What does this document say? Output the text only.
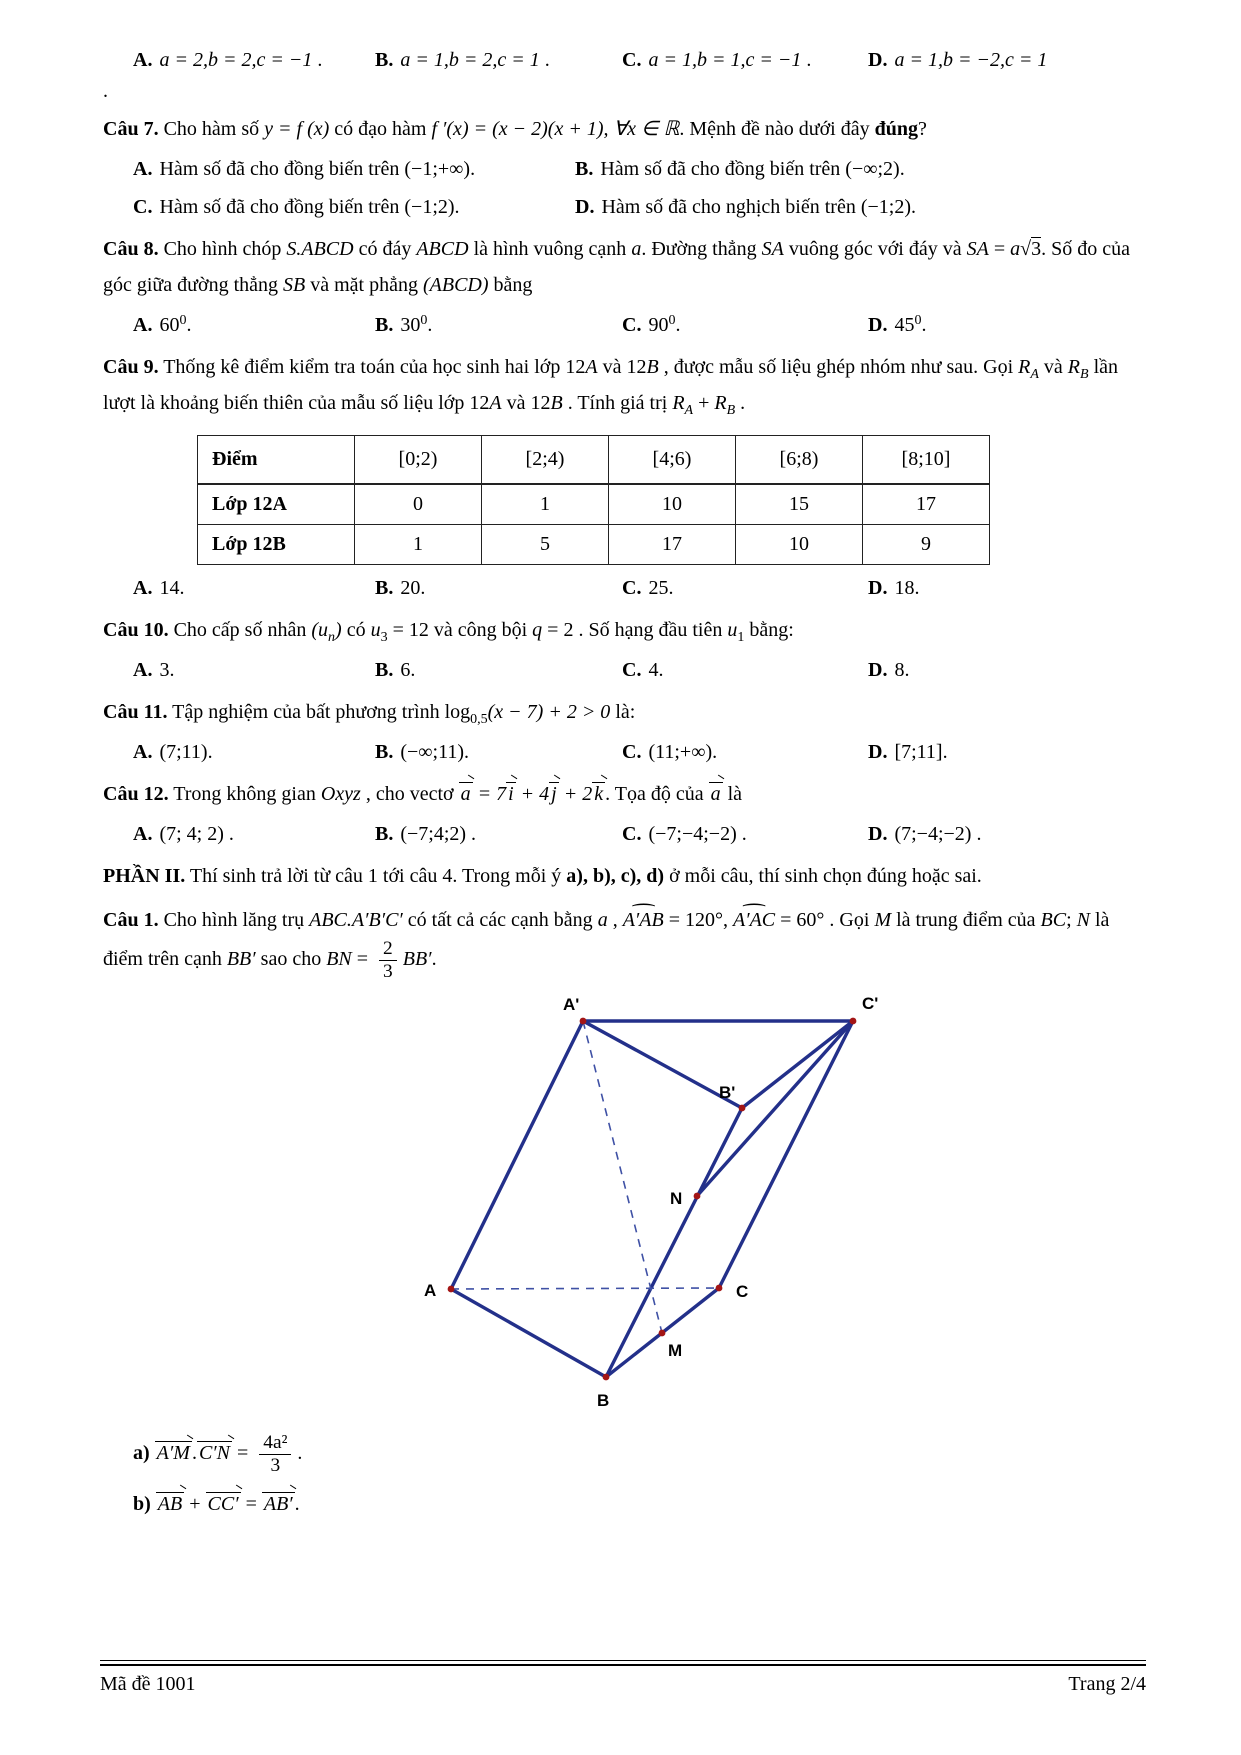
A. a = 2,b = 2,c = −1 .	B. a = 1,b = 2,c = 1 .	C. a = 1,b = 1,c = −1 .	D. a = 1,b = −2,c = 1

.

Câu 7. Cho hàm số y = f (x) có đạo hàm f ′(x) = (x − 2)(x + 1), ∀x ∈ ℝ. Mệnh đề nào dưới đây đúng?

A. Hàm số đã cho đồng biến trên (−1;+∞).	B. Hàm số đã cho đồng biến trên (−∞;2).
C. Hàm số đã cho đồng biến trên (−1;2).	D. Hàm số đã cho nghịch biến trên (−1;2).

Câu 8. Cho hình chóp S.ABCD có đáy ABCD là hình vuông cạnh a. Đường thẳng SA vuông góc với đáy và SA = a√3. Số đo của góc giữa đường thẳng SB và mặt phẳng (ABCD) bằng

A. $60^0$.	B. $30^0$.	C. $90^0$.	D. $45^0$.

Câu 9. Thống kê điểm kiểm tra toán của học sinh hai lớp 12A và 12B , được mẫu số liệu ghép nhóm như sau. Gọi $R_A$ và $R_B$ lần lượt là khoảng biến thiên của mẫu số liệu lớp 12A và 12B . Tính giá trị $R_A + R_B$ .

Điểm	[0;2)	[2;4)	[4;6)	[6;8)	[8;10]
Lớp 12A	0	1	10	15	17
Lớp 12B	1	5	17	10	9
A. 14.	B. 20.	C. 25.	D. 18.

Câu 10. Cho cấp số nhân $(u_n)$ có $u_3 = 12$ và công bội q = 2 . Số hạng đầu tiên $u_1$ bằng:

A. 3.	B. 6.	C. 4.	D. 8.

Câu 11. Tập nghiệm của bất phương trình $\log_{0,5}(x - 7) + 2 > 0$ là:

A. (7;11).	B. (−∞;11).	C. (11;+∞).	D. [7;11].

Câu 12. Trong không gian Oxyz , cho vectơ a = 7 i + 4 j + 2 k . Tọa độ của a là

A. (7; 4; 2) .	B. (−7;4;2) .	C. (−7;−4;−2) .	D. (7;−4;−2) .

PHẦN II. Thí sinh trả lời từ câu 1 tới câu 4. Trong mỗi ý a), b), c), d) ở mỗi câu, thí sinh chọn đúng hoặc sai.

Câu 1. Cho hình lăng trụ ABC.A′B′C′ có tất cả các cạnh bằng a , A′AB ⌢ = 120°, A′AC ⌢ = 60° . Gọi M là trung điểm của BC; N là điểm trên cạnh BB′ sao cho BN = $\frac{2}{3} BB'$.

A'	C'
B'
N
A	C
M
B

a) A′M . $C'N = \frac{\text{4a²}}{3}$ .

b) AB + CC′ = AB′ .

Mã đề 1001	Trang 2/4
